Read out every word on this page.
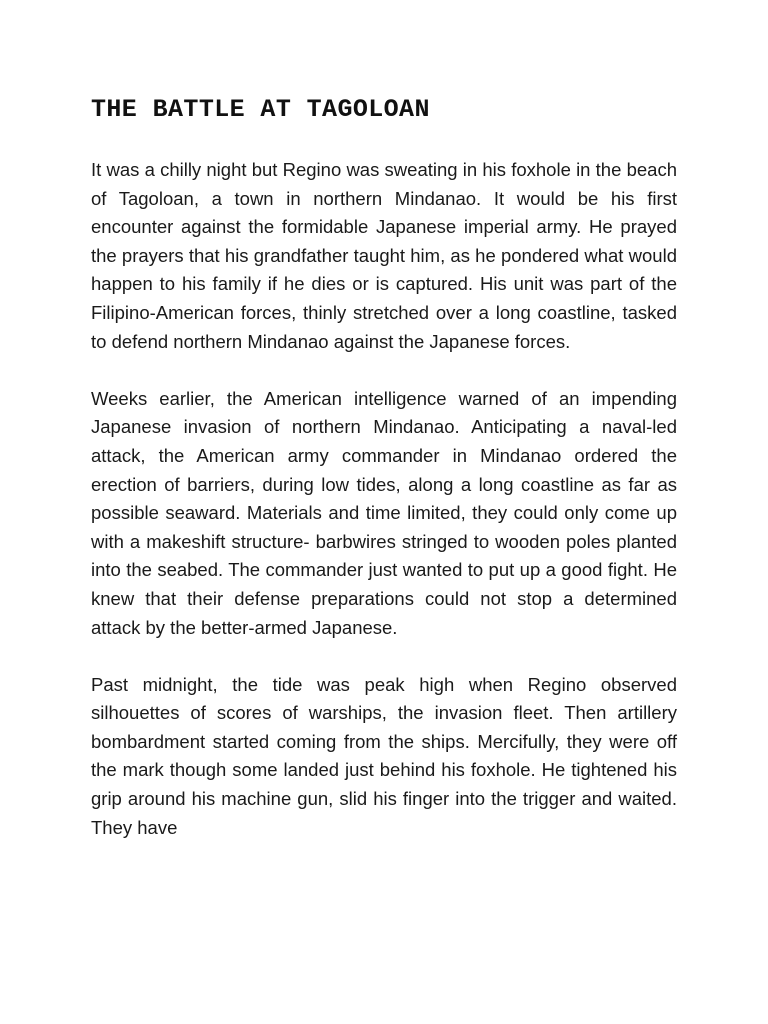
THE BATTLE AT TAGOLOAN

It was a chilly night but Regino was sweating in his foxhole in the beach of Tagoloan, a town in northern Mindanao. It would be his first encounter against the formidable Japanese imperial army. He prayed the prayers that his grandfather taught him, as he pondered what would happen to his family if he dies or is captured. His unit was part of the Filipino-American forces, thinly stretched over a long coastline, tasked to defend northern Mindanao against the Japanese forces.

Weeks earlier, the American intelligence warned of an impending Japanese invasion of northern Mindanao. Anticipating a naval-led attack, the American army commander in Mindanao ordered the erection of barriers, during low tides, along a long coastline as far as possible seaward. Materials and time limited, they could only come up with a makeshift structure- barbwires stringed to wooden poles planted into the seabed. The commander just wanted to put up a good fight. He knew that their defense preparations could not stop a determined attack by the better-armed Japanese.

Past midnight, the tide was peak high when Regino observed silhouettes of scores of warships, the invasion fleet. Then artillery bombardment started coming from the ships. Mercifully, they were off the mark though some landed just behind his foxhole. He tightened his grip around his machine gun, slid his finger into the trigger and waited. They have
